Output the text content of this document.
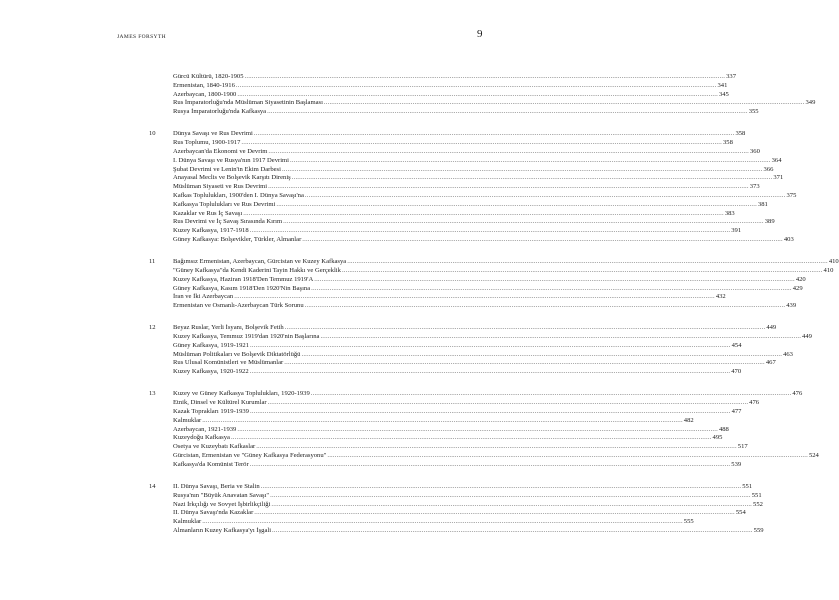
JAMES FORSYTH	9
Gürcü Kültürü, 1820-1905 .................................................................................................................................................................................................................................................................... 337
Ermenistan, 1840-1916 .................................................................................................................................................................................................................................................................... 341
Azerbaycan, 1800-1900 .................................................................................................................................................................................................................................................................... 345
Rus İmparatorluğu'nda Müslüman Siyasetinin Başlaması .................................................................................................................................................................................................................................................................... 349
Rusya İmparatorluğu'nda Kafkasya .................................................................................................................................................................................................................................................................... 355
10	Dünya Savaşı ve Rus Devrimi .................................................................................................................................................................................................................................................................... 358
Rus Toplumu, 1900-1917 .................................................................................................................................................................................................................................................................... 358
Azerbaycan'da Ekonomi ve Devrim .................................................................................................................................................................................................................................................................... 360
I. Dünya Savaşı ve Rusya'nın 1917 Devrimi .................................................................................................................................................................................................................................................................... 364
Şubat Devrimi ve Lenin'in Ekim Darbesi .................................................................................................................................................................................................................................................................... 366
Anayasal Meclis ve Bolşevik Karşıtı Direniş .................................................................................................................................................................................................................................................................... 371
Müslüman Siyaseti ve Rus Devrimi .................................................................................................................................................................................................................................................................... 373
Kafkas Toplulukları, 1900'den I. Dünya Savaşı'na .................................................................................................................................................................................................................................................................... 375
Kafkasya Toplulukları ve Rus Devrimi .................................................................................................................................................................................................................................................................... 381
Kazaklar ve Rus İç Savaşı .................................................................................................................................................................................................................................................................... 383
Rus Devrimi ve İç Savaş Sırasında Kırım .................................................................................................................................................................................................................................................................... 389
Kuzey Kafkasya, 1917-1918 .................................................................................................................................................................................................................................................................... 391
Güney Kafkasya: Bolşevikler, Türkler, Almanlar .................................................................................................................................................................................................................................................................... 403
11	Bağımsız Ermenistan, Azerbaycan, Gürcistan ve Kuzey Kafkasya .................................................................................................................................................................................................................................................................... 410
"Güney Kafkasya"da Kendi Kaderini Tayin Hakkı ve Gerçeklik .................................................................................................................................................................................................................................................................... 410
Kuzey Kafkasya, Haziran 1918'Den Temmuz 1919'A .................................................................................................................................................................................................................................................................... 420
Güney Kafkasya, Kasım 1918'Den 1920'Nin Başına .................................................................................................................................................................................................................................................................... 429
İran ve İki Azerbaycan .................................................................................................................................................................................................................................................................... 432
Ermenistan ve Osmanlı-Azerbaycan Türk Sorunu .................................................................................................................................................................................................................................................................... 439
12	Beyaz Ruslar, Yerli İsyanı, Bolşevik Fetih .................................................................................................................................................................................................................................................................... 449
Kuzey Kafkasya, Temmuz 1919'dan 1920'nin Başlarına .................................................................................................................................................................................................................................................................... 449
Güney Kafkasya, 1919-1921 .................................................................................................................................................................................................................................................................... 454
Müslüman Politikaları ve Bolşevik Diktatörlüğü .................................................................................................................................................................................................................................................................... 463
Rus Ulusal Komünistleri ve Müslümanlar .................................................................................................................................................................................................................................................................... 467
Kuzey Kafkasya, 1920-1922 .................................................................................................................................................................................................................................................................... 470
13	Kuzey ve Güney Kafkasya Toplulukları, 1920-1939 .................................................................................................................................................................................................................................................................... 476
Etnik, Dinsel ve Kültürel Kurumlar .................................................................................................................................................................................................................................................................... 476
Kazak Toprakları 1919-1939 .................................................................................................................................................................................................................................................................... 477
Kalmuklar .................................................................................................................................................................................................................................................................... 482
Azerbaycan, 1921-1939 .................................................................................................................................................................................................................................................................... 488
Kuzeydoğu Kafkasya .................................................................................................................................................................................................................................................................... 495
Osetya ve Kuzeybatı Kafkaslar .................................................................................................................................................................................................................................................................... 517
Gürcistan, Ermenistan ve "Güney Kafkasya Federasyonu" .................................................................................................................................................................................................................................................................... 524
Kafkasya'da Komünist Terör .................................................................................................................................................................................................................................................................... 539
14	II. Dünya Savaşı, Beria ve Stalin .................................................................................................................................................................................................................................................................... 551
Rusya'nın "Büyük Anavatan Savaşı" .................................................................................................................................................................................................................................................................... 551
Nazi İrkçılığı ve Sovyet İşbirlikçiliği .................................................................................................................................................................................................................................................................... 552
II. Dünya Savaşı'nda Kazaklar .................................................................................................................................................................................................................................................................... 554
Kalmuklar .................................................................................................................................................................................................................................................................... 555
Almanların Kuzey Kafkasya'yı İşgali .................................................................................................................................................................................................................................................................... 559
